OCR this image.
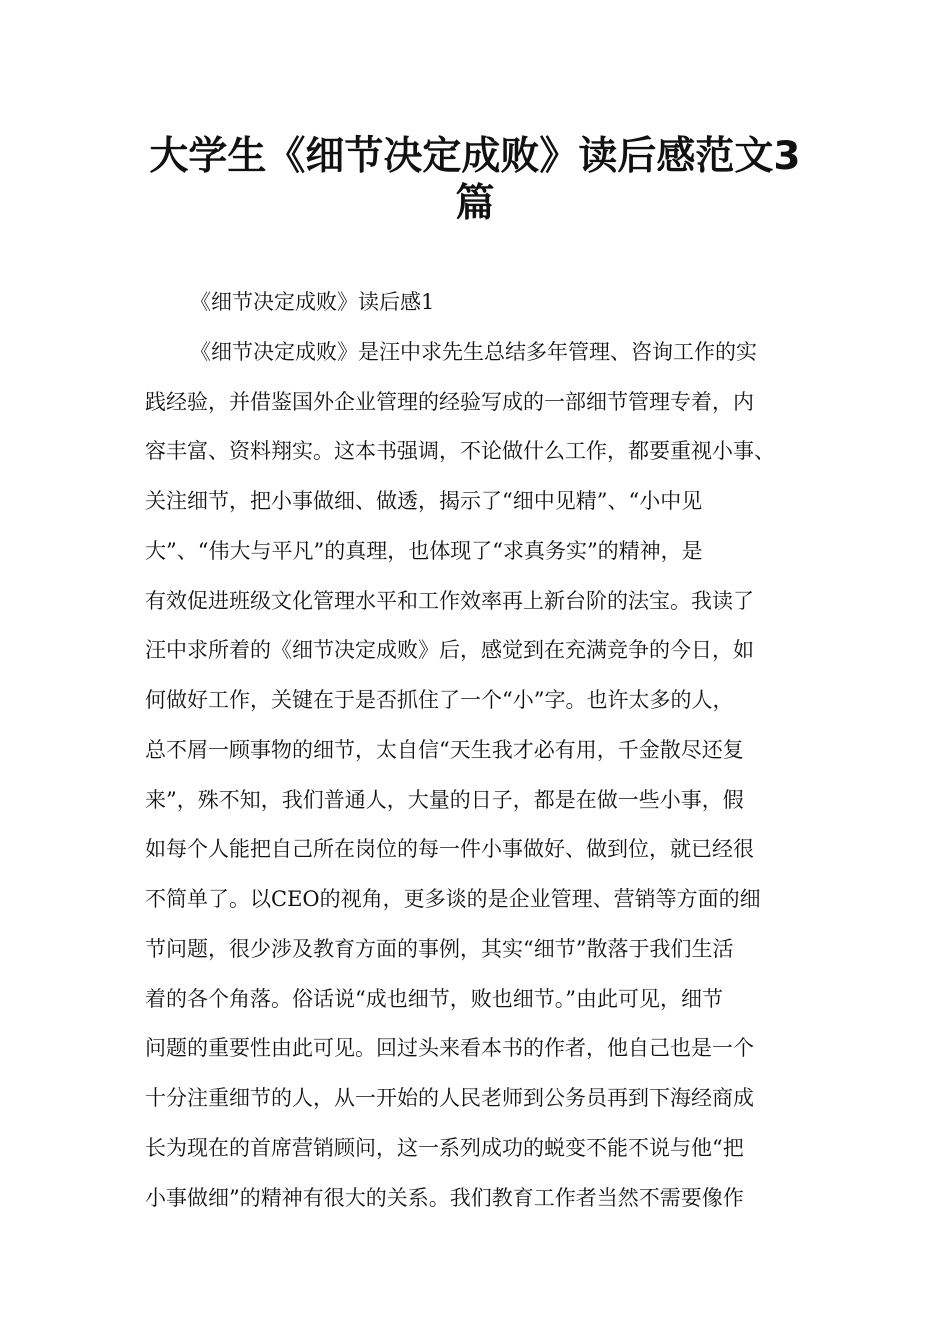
大学生《细节决定成败》读后感范文3
篇

《细节决定成败》读后感1

《细节决定成败》是汪中求先生总结多年管理、咨询工作的实

践经验，并借鉴国外企业管理的经验写成的一部细节管理专着，内

容丰富、资料翔实。这本书强调，不论做什么工作，都要重视小事、

关注细节，把小事做细、做透，揭示了“细中见精”、“小中见

大”、“伟大与平凡”的真理，也体现了“求真务实”的精神，是

有效促进班级文化管理水平和工作效率再上新台阶的法宝。我读了

汪中求所着的《细节决定成败》后，感觉到在充满竞争的今日，如

何做好工作，关键在于是否抓住了一个“小”字。也许太多的人，

总不屑一顾事物的细节，太自信“天生我才必有用，千金散尽还复

来”，殊不知，我们普通人，大量的日子，都是在做一些小事，假

如每个人能把自己所在岗位的每一件小事做好、做到位，就已经很

不简单了。以CEO的视角，更多谈的是企业管理、营销等方面的细

节问题，很少涉及教育方面的事例，其实“细节”散落于我们生活

着的各个角落。俗话说“成也细节，败也细节。”由此可见，细节

问题的重要性由此可见。回过头来看本书的作者，他自己也是一个

十分注重细节的人，从一开始的人民老师到公务员再到下海经商成

长为现在的首席营销顾问，这一系列成功的蜕变不能不说与他“把

小事做细”的精神有很大的关系。我们教育工作者当然不需要像作
